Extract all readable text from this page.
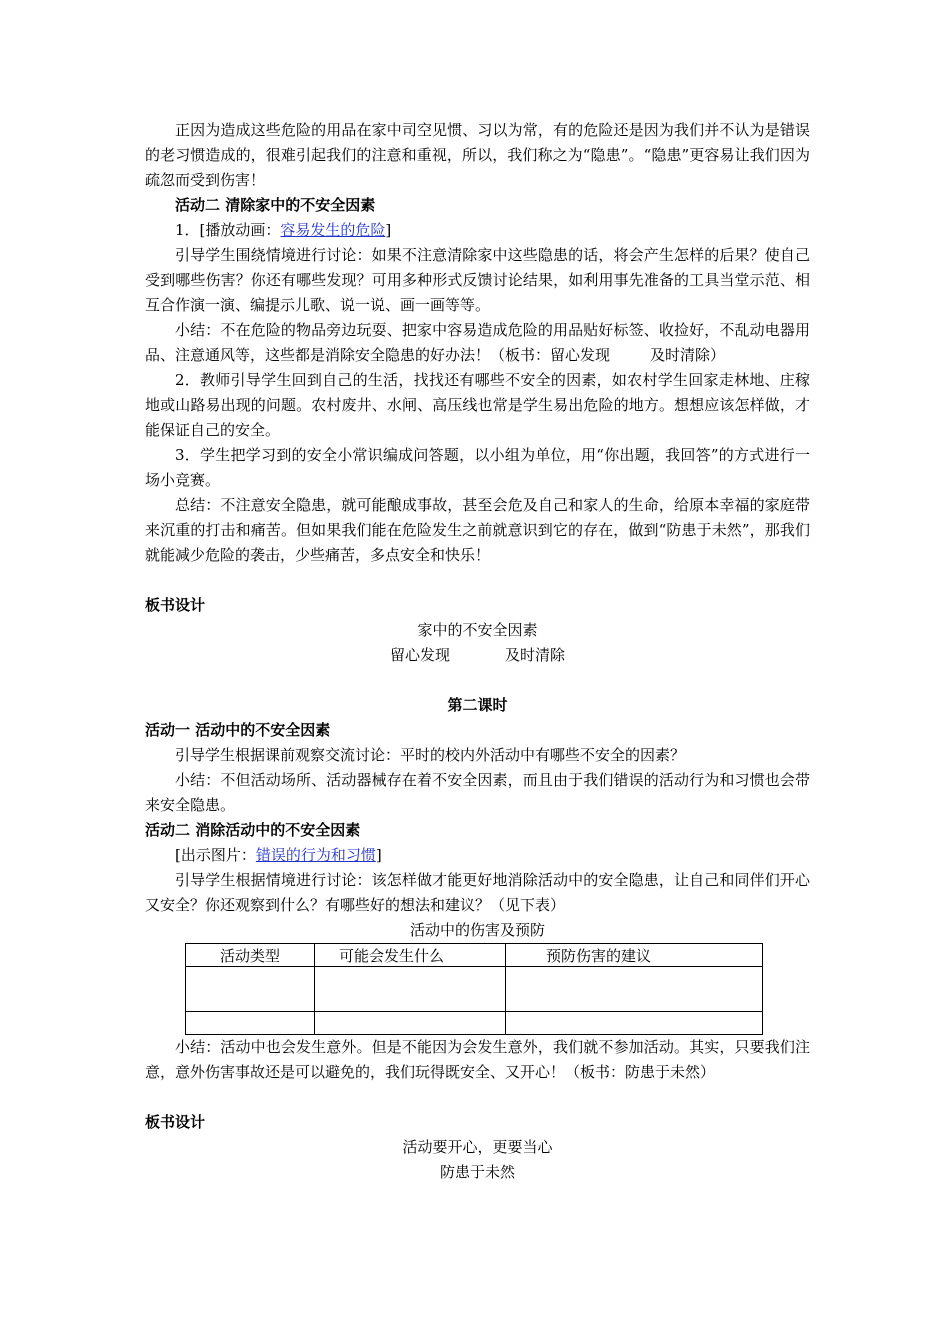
正因为造成这些危险的用品在家中司空见惯、习以为常，有的危险还是因为我们并不认为是错误的老习惯造成的，很难引起我们的注意和重视，所以，我们称之为“隐患”。“隐患”更容易让我们因为疏忽而受到伤害！

活动二 清除家中的不安全因素

1．[播放动画：容易发生的危险]

引导学生围绕情境进行讨论：如果不注意清除家中这些隐患的话，将会产生怎样的后果？使自己受到哪些伤害？你还有哪些发现？可用多种形式反馈讨论结果，如利用事先准备的工具当堂示范、相互合作演一演、编提示儿歌、说一说、画一画等等。

小结：不在危险的物品旁边玩耍、把家中容易造成危险的用品贴好标签、收捡好，不乱动电器用品、注意通风等，这些都是消除安全隐患的好办法！（板书：留心发现	及时清除）

2．教师引导学生回到自己的生活，找找还有哪些不安全的因素，如农村学生回家走林地、庄稼地或山路易出现的问题。农村废井、水闸、高压线也常是学生易出危险的地方。想想应该怎样做，才能保证自己的安全。

3．学生把学习到的安全小常识编成问答题，以小组为单位，用“你出题，我回答”的方式进行一场小竞赛。

总结：不注意安全隐患，就可能酿成事故，甚至会危及自己和家人的生命，给原本幸福的家庭带来沉重的打击和痛苦。但如果我们能在危险发生之前就意识到它的存在，做到“防患于未然”，那我们就能减少危险的袭击，少些痛苦，多点安全和快乐！

板书设计

家中的不安全因素

留心发现	及时清除

第二课时

活动一 活动中的不安全因素

引导学生根据课前观察交流讨论：平时的校内外活动中有哪些不安全的因素？

小结：不但活动场所、活动器械存在着不安全因素，而且由于我们错误的活动行为和习惯也会带来安全隐患。

活动二 消除活动中的不安全因素

[出示图片：错误的行为和习惯]

引导学生根据情境进行讨论：该怎样做才能更好地消除活动中的安全隐患，让自己和同伴们开心又安全？你还观察到什么？有哪些好的想法和建议？（见下表）

活动中的伤害及预防
活动类型	可能会发生什么	预防伤害的建议

小结：活动中也会发生意外。但是不能因为会发生意外，我们就不参加活动。其实，只要我们注意，意外伤害事故还是可以避免的，我们玩得既安全、又开心！（板书：防患于未然）

板书设计

活动要开心，更要当心

防患于未然
